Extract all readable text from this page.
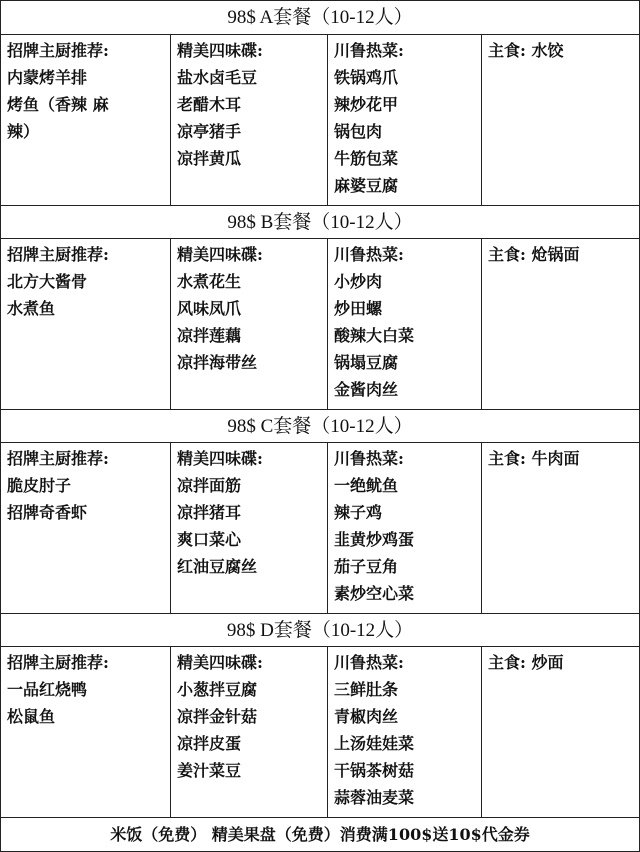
98$ A套餐（10-12人）
招牌主厨推荐:
内蒙烤羊排
烤鱼（香辣 麻
辣）
精美四味碟:
盐水卤毛豆
老醋木耳
凉亭猪手
凉拌黄瓜
川鲁热菜:
铁锅鸡爪
辣炒花甲
锅包肉
牛筋包菜
麻婆豆腐
主食: 水饺
98$ B套餐（10-12人）
招牌主厨推荐:
北方大酱骨
水煮鱼
精美四味碟:
水煮花生
风味凤爪
凉拌莲藕
凉拌海带丝
川鲁热菜:
小炒肉
炒田螺
酸辣大白菜
锅塌豆腐
金酱肉丝
主食: 炝锅面
98$ C套餐（10-12人）
招牌主厨推荐:
脆皮肘子
招牌奇香虾
精美四味碟:
凉拌面筋
凉拌猪耳
爽口菜心
红油豆腐丝
川鲁热菜:
一绝鱿鱼
辣子鸡
韭黄炒鸡蛋
茄子豆角
素炒空心菜
主食: 牛肉面
98$ D套餐（10-12人）
招牌主厨推荐:
一品红烧鸭
松鼠鱼
精美四味碟:
小葱拌豆腐
凉拌金针菇
凉拌皮蛋
姜汁菜豆
川鲁热菜:
三鲜肚条
青椒肉丝
上汤娃娃菜
干锅茶树菇
蒜蓉油麦菜
主食: 炒面
米饭（免费） 精美果盘（免费）消费满100$送10$代金券
